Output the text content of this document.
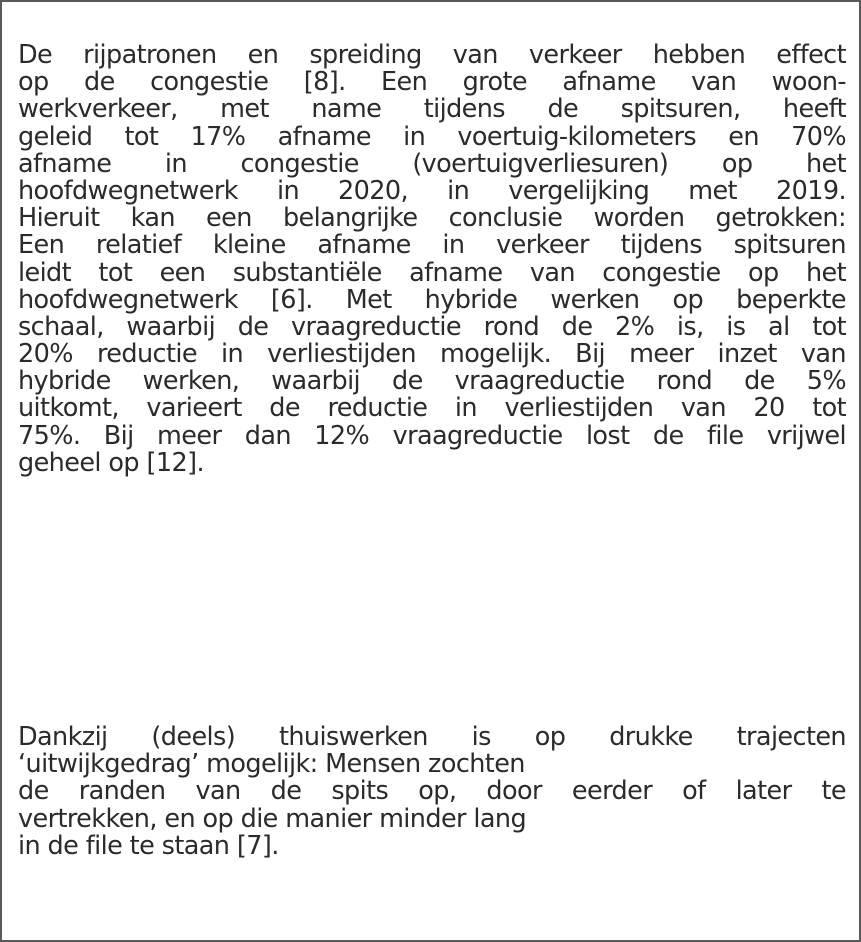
De rijpatronen en spreiding van verkeer hebben effect
op de congestie [8]. Een grote afname van woon-
werkverkeer, met name tijdens de spitsuren, heeft
geleid tot 17% afname in voertuig-kilometers en 70%
afname in congestie (voertuigverliesuren) op het
hoofdwegnetwerk in 2020, in vergelijking met 2019.
Hieruit kan een belangrijke conclusie worden getrokken:
Een relatief kleine afname in verkeer tijdens spitsuren
leidt tot een substantiële afname van congestie op het
hoofdwegnetwerk [6]. Met hybride werken op beperkte
schaal, waarbij de vraagreductie rond de 2% is, is al tot
20% reductie in verliestijden mogelijk. Bij meer inzet van
hybride werken, waarbij de vraagreductie rond de 5%
uitkomt, varieert de reductie in verliestijden van 20 tot
75%. Bij meer dan 12% vraagreductie lost de file vrijwel
geheel op [12].
Dankzij (deels) thuiswerken is op drukke trajecten
‘uitwijkgedrag’ mogelijk: Mensen zochten
de randen van de spits op, door eerder of later te
vertrekken, en op die manier minder lang
in de file te staan [7].
